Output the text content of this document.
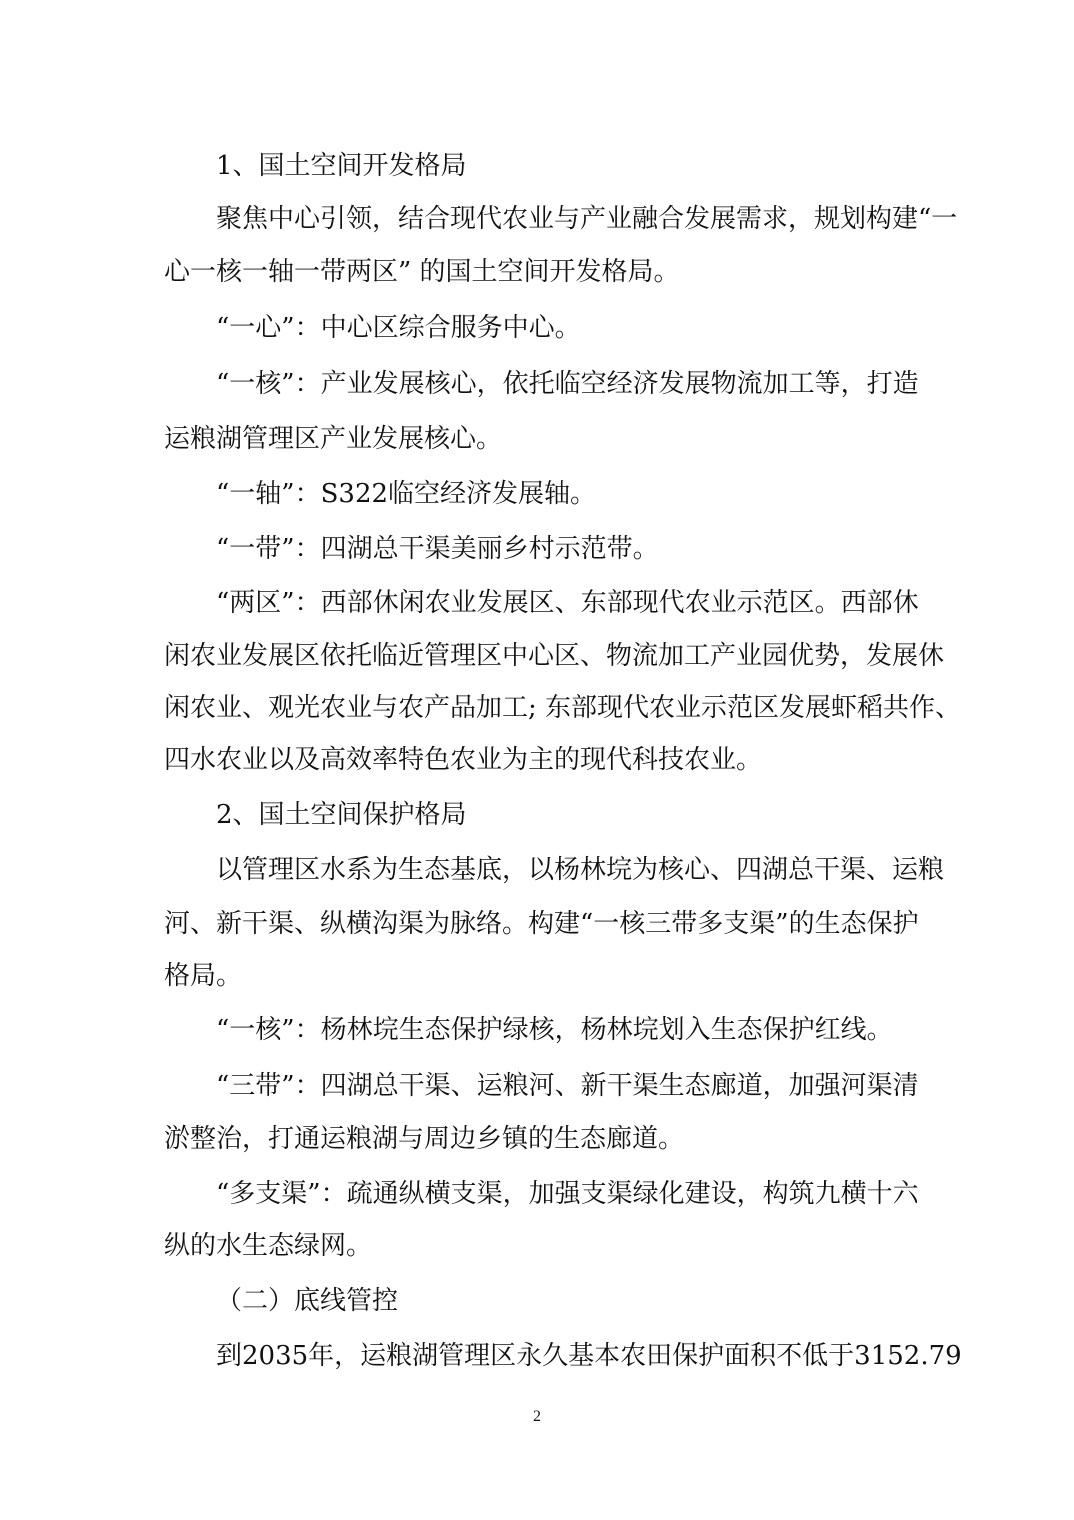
1、国土空间开发格局
聚焦中心引领，结合现代农业与产业融合发展需求，规划构建“一
心一核一轴一带两区” 的国土空间开发格局。
“一心”：中心区综合服务中心。
“一核”：产业发展核心，依托临空经济发展物流加工等，打造
运粮湖管理区产业发展核心。
“一轴”：S322临空经济发展轴。
“一带”：四湖总干渠美丽乡村示范带。
“两区”：西部休闲农业发展区、东部现代农业示范区。西部休
闲农业发展区依托临近管理区中心区、物流加工产业园优势，发展休
闲农业、观光农业与农产品加工; 东部现代农业示范区发展虾稻共作、
四水农业以及高效率特色农业为主的现代科技农业。
2、国土空间保护格局
以管理区水系为生态基底，以杨林垸为核心、四湖总干渠、运粮
河、新干渠、纵横沟渠为脉络。构建“一核三带多支渠”的生态保护
格局。
“一核”：杨林垸生态保护绿核，杨林垸划入生态保护红线。
“三带”：四湖总干渠、运粮河、新干渠生态廊道，加强河渠清
淤整治，打通运粮湖与周边乡镇的生态廊道。
“多支渠”：疏通纵横支渠，加强支渠绿化建设，构筑九横十六
纵的水生态绿网。
（二）底线管控
到2035年，运粮湖管理区永久基本农田保护面积不低于3152.79
2
